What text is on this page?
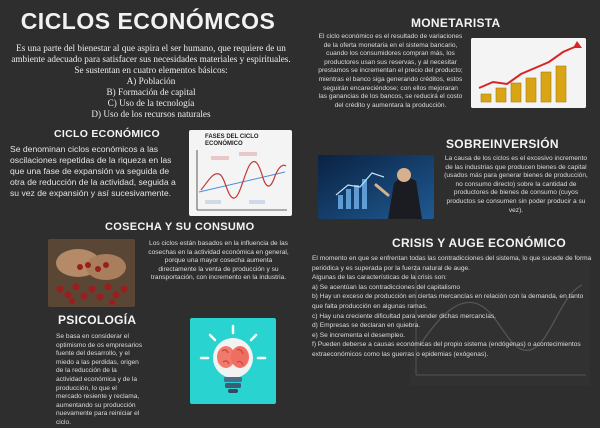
CICLOS ECONÓMCOS
Es una parte del bienestar al que aspira el ser humano, que requiere de un ambiente adecuado para satisfacer sus necesidades materiales y espirituales. Se sustentan en cuatro elementos básicos:
A) Población
B) Formación de capital
C) Uso de la tecnología
D) Uso de los recursos naturales
CICLO ECONÓMICO
Se denominan ciclos económicos a las oscilaciones repetidas de la riqueza en las que una fase de expansión va seguida de otra de reducción de la actividad, seguida a su vez de expansión y así sucesivamente.
FASES DEL CICLO ECONÓMICO
COSECHA Y SU CONSUMO
Los ciclos están basados en la influencia de las cosechas en la actividad económica en general, porque una mayor cosecha aumenta directamente la venta de producción y su transportación, con incremento en la industria.
PSICOLOGÍA
Se basa en considerar el optimismo de os empresarios fuente del desarrollo, y el miedo a las perdidas, origen de la reducción de la actividad económica y de la producción, lo que el mercado resiente y reclama, aumentando su producción nuevamente para reiniciar el ciclo.
MONETARISTA
El ciclo económico es el resultado de variaciones de la oferta monetaria en el sistema bancario, cuando los consumidores compran más, los productores usan sus reservas, y al necesitar prestamos se incrementan el precio del producto; mientras el banco siga generando créditos, estos seguirán encareciéndose; con ellos mejoraran las ganancias de los bancos, se reducirá el costo del crédito y aumentara la producción.
SOBREINVERSIÓN
La causa de los ciclos es el excesivo incremento de las industrias que producen bienes de capital (usados más para generar bienes de producción, no consumo directo) sobre la cantidad de productores de bienes de consumo (cuyos productos se consumen sin poder producir a su vez).
CRISIS Y AUGE ECONÓMICO
El momento en que se enfrentan todas las contradicciones del sistema, lo que sucede de forma periódica y es superada por la fuerza natural de auge.
Algunas de las características de la crisis son:
a) Se acentúan las contradicciones del capitalismo
b) Hay un exceso de producción en ciertas mercancías en relación con la demanda, en tanto que falta producción en algunas ramas.
c) Hay una creciente dificultad para vender dichas mercancías.
d) Empresas se declaran en quiebra.
e) Se incrementa el desempleo.
f) Pueden deberse a causas económicas del propio sistema (endógenas) o acontecimientos extraeconómicos como las guerras o epidemias (exógenas).
